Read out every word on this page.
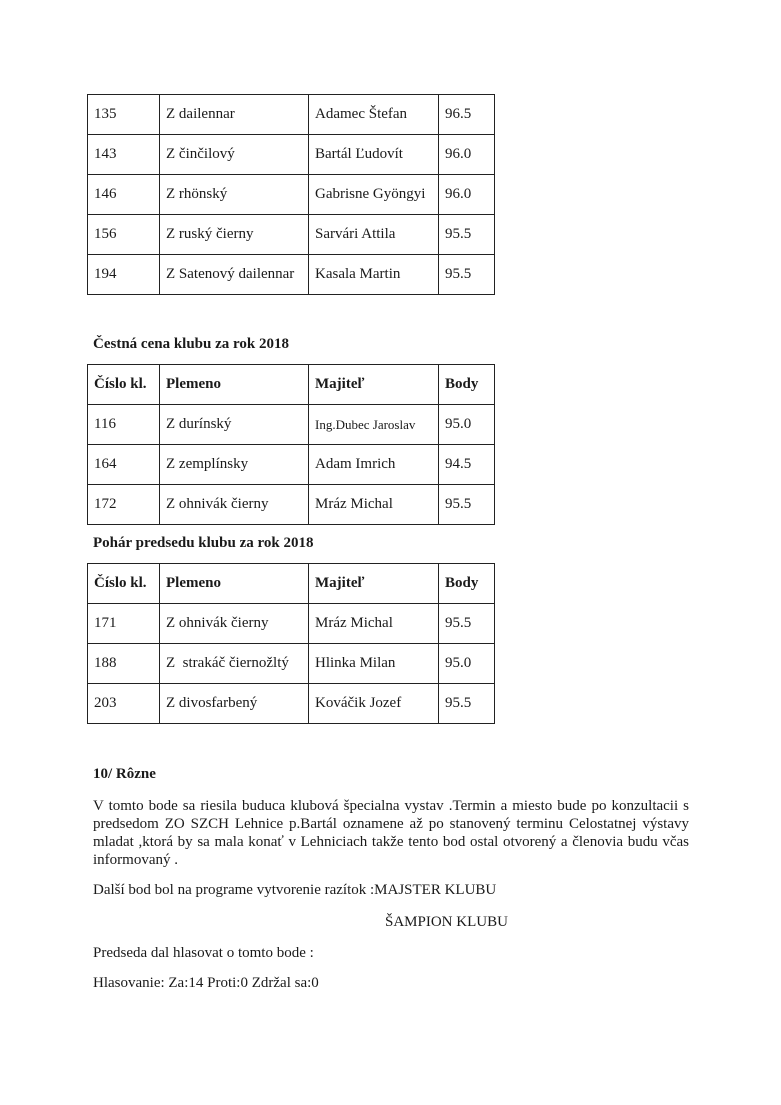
135	Z dailennar	Adamec Štefan	96.5
143	Z činčilový	Bartál Ľudovít	96.0
146	Z rhönský	Gabrisne Gyöngyi	96.0
156	Z ruský čierny	Sarvári Attila	95.5
194	Z Satenový dailennar	Kasala Martin	95.5
Čestná cena klubu za rok 2018
Číslo kl.	Plemeno	Majiteľ	Body
116	Z durínský	Ing.Dubec Jaroslav	95.0
164	Z zemplínsky	Adam Imrich	94.5
172	Z ohnivák čierny	Mráz Michal	95.5
Pohár predsedu klubu za rok 2018
Číslo kl.	Plemeno	Majiteľ	Body
171	Z ohnivák čierny	Mráz Michal	95.5
188	Z  strakáč čiernožltý	Hlinka Milan	95.0
203	Z divosfarbený	Kováčik Jozef	95.5
10/ Rôzne
V tomto bode sa riesila buduca klubová špecialna vystav .Termin a miesto bude po konzultacii s predsedom ZO SZCH Lehnice p.Bartál oznamene až po stanovený terminu Celostatnej výstavy mladat ,ktorá by sa mala konať v Lehniciach takže tento bod ostal otvorený a členovia budu včas informovaný .
Další bod bol na programe vytvorenie razítok :MAJSTER KLUBU
ŠAMPION KLUBU
Predseda dal hlasovat o tomto bode :
Hlasovanie: Za:14 Proti:0 Zdržal sa:0
